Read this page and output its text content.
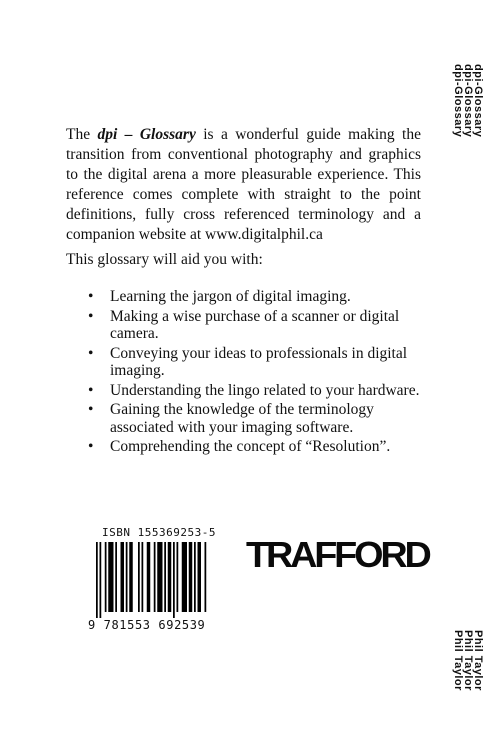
dpi-Glossary
dpi-Glossary
dpi-Glossary
Phil Taylor
Phil Taylor
Phil Taylor

The dpi – Glossary is a wonderful guide making the transition from conventional photography and graphics to the digital arena a more pleasurable experience. This reference comes complete with straight to the point definitions, fully cross referenced terminology and a companion website at www.digitalphil.ca

This glossary will aid you with:
• Learning the jargon of digital imaging.
• Making a wise purchase of a scanner or digital camera.
• Conveying your ideas to professionals in digital imaging.
• Understanding the lingo related to your hardware.
• Gaining the knowledge of the terminology associated with your imaging software.
• Comprehending the concept of “Resolution”.
ISBN 155369253-5
9 781553 692539
TRAFFORD
